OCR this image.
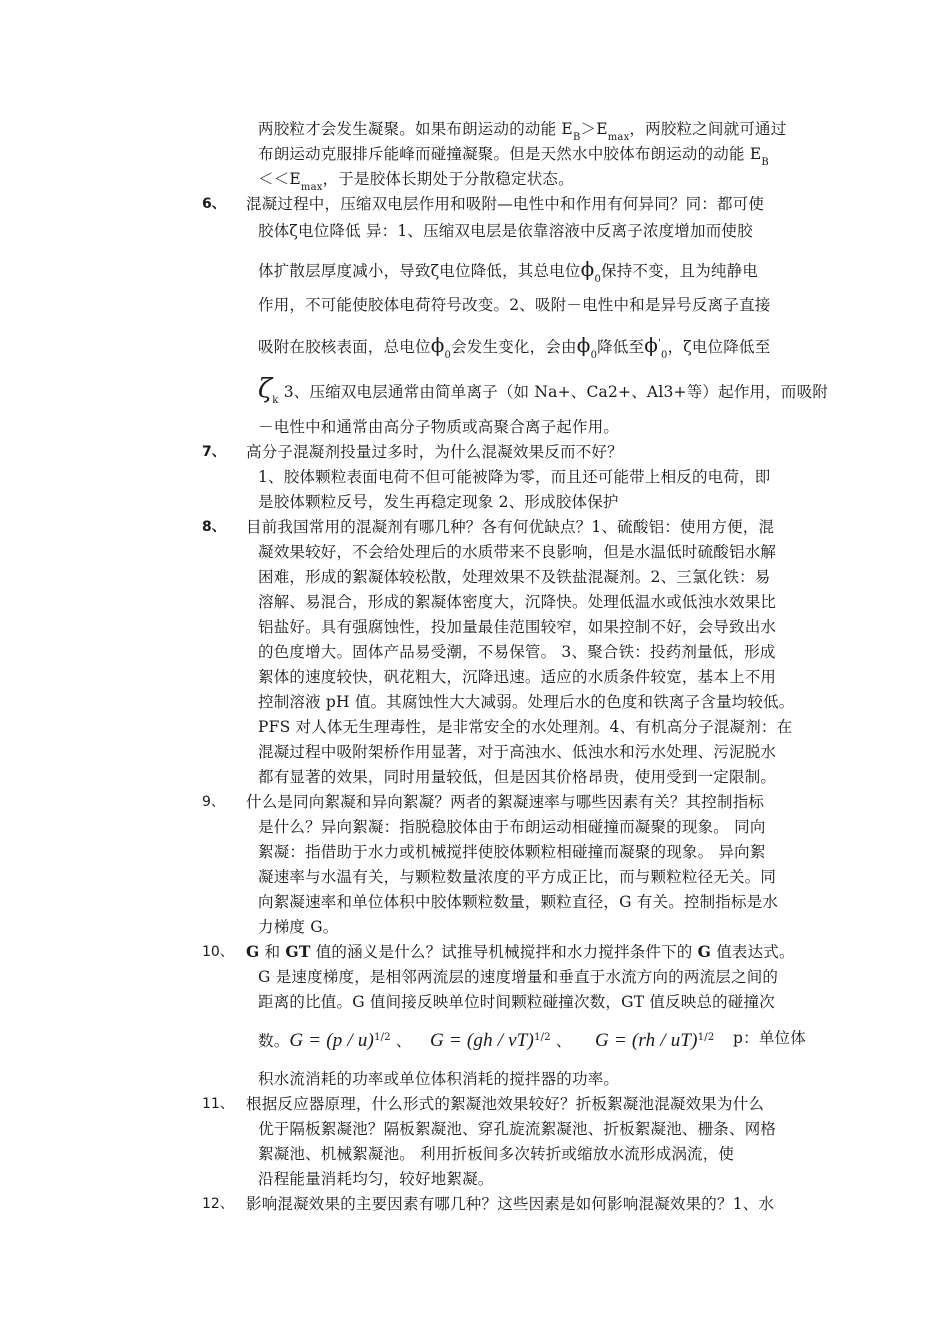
两胶粒才会发生凝聚。如果布朗运动的动能 $E_B>E_{max}$，两胶粒之间就可通过
布朗运动克服排斥能峰而碰撞凝聚。但是天然水中胶体布朗运动的动能 $E_B$
$<<E_{max}$，于是胶体长期处于分散稳定状态。
6、 混凝过程中，压缩双电层作用和吸附—电性中和作用有何异同？同：都可使
胶体ζ电位降低 异：1、压缩双电层是依靠溶液中反离子浓度增加而使胶
体扩散层厚度减小，导致ζ电位降低，其总电位$\phi_0$保持不变，且为纯静电
作用，不可能使胶体电荷符号改变。2、吸附－电性中和是异号反离子直接
吸附在胶核表面，总电位$\phi_0$会发生变化，会由$\phi_0$降低至$\phi'_0$，ζ电位降低至
$\zeta_k$ 3、压缩双电层通常由简单离子（如 Na+、Ca2+、Al3+等）起作用，而吸附
－电性中和通常由高分子物质或高聚合离子起作用。
7、 高分子混凝剂投量过多时，为什么混凝效果反而不好？
1、胶体颗粒表面电荷不但可能被降为零，而且还可能带上相反的电荷，即
是胶体颗粒反号，发生再稳定现象 2、形成胶体保护
8、 目前我国常用的混凝剂有哪几种？各有何优缺点？1、硫酸铝：使用方便，混
凝效果较好，不会给处理后的水质带来不良影响，但是水温低时硫酸铝水解
困难，形成的絮凝体较松散，处理效果不及铁盐混凝剂。2、三氯化铁：易
溶解、易混合，形成的絮凝体密度大，沉降快。处理低温水或低浊水效果比
铝盐好。具有强腐蚀性，投加量最佳范围较窄，如果控制不好，会导致出水
的色度增大。固体产品易受潮，不易保管。 3、聚合铁：投药剂量低，形成
絮体的速度较快，矾花粗大，沉降迅速。适应的水质条件较宽，基本上不用
控制溶液 pH 值。其腐蚀性大大减弱。处理后水的色度和铁离子含量均较低。
PFS 对人体无生理毒性，是非常安全的水处理剂。4、有机高分子混凝剂：在
混凝过程中吸附架桥作用显著，对于高浊水、低浊水和污水处理、污泥脱水
都有显著的效果，同时用量较低，但是因其价格昂贵，使用受到一定限制。
9、 什么是同向絮凝和异向絮凝？两者的絮凝速率与哪些因素有关？其控制指标
是什么？异向絮凝：指脱稳胶体由于布朗运动相碰撞而凝聚的现象。 同向
絮凝：指借助于水力或机械搅拌使胶体颗粒相碰撞而凝聚的现象。 异向絮
凝速率与水温有关，与颗粒数量浓度的平方成正比，而与颗粒粒径无关。同
向絮凝速率和单位体积中胶体颗粒数量，颗粒直径，G 有关。控制指标是水
力梯度 G。
10、 G 和 GT 值的涵义是什么？试推导机械搅拌和水力搅拌条件下的 G 值表达式。
G 是速度梯度，是相邻两流层的速度增量和垂直于水流方向的两流层之间的
距离的比值。G 值间接反映单位时间颗粒碰撞次数，GT 值反映总的碰撞次
数。G = (p / u)$^{1/2}$ 、 G = (gh / νT)$^{1/2}$ 、 G = (rh / uT)$^{1/2}$ p：单位体
积水流消耗的功率或单位体积消耗的搅拌器的功率。
11、 根据反应器原理，什么形式的絮凝池效果较好？折板絮凝池混凝效果为什么
优于隔板絮凝池？隔板絮凝池、穿孔旋流絮凝池、折板絮凝池、栅条、网格
絮凝池、机械絮凝池。 利用折板间多次转折或缩放水流形成涡流，使
沿程能量消耗均匀，较好地絮凝。
12、 影响混凝效果的主要因素有哪几种？这些因素是如何影响混凝效果的？1、水
